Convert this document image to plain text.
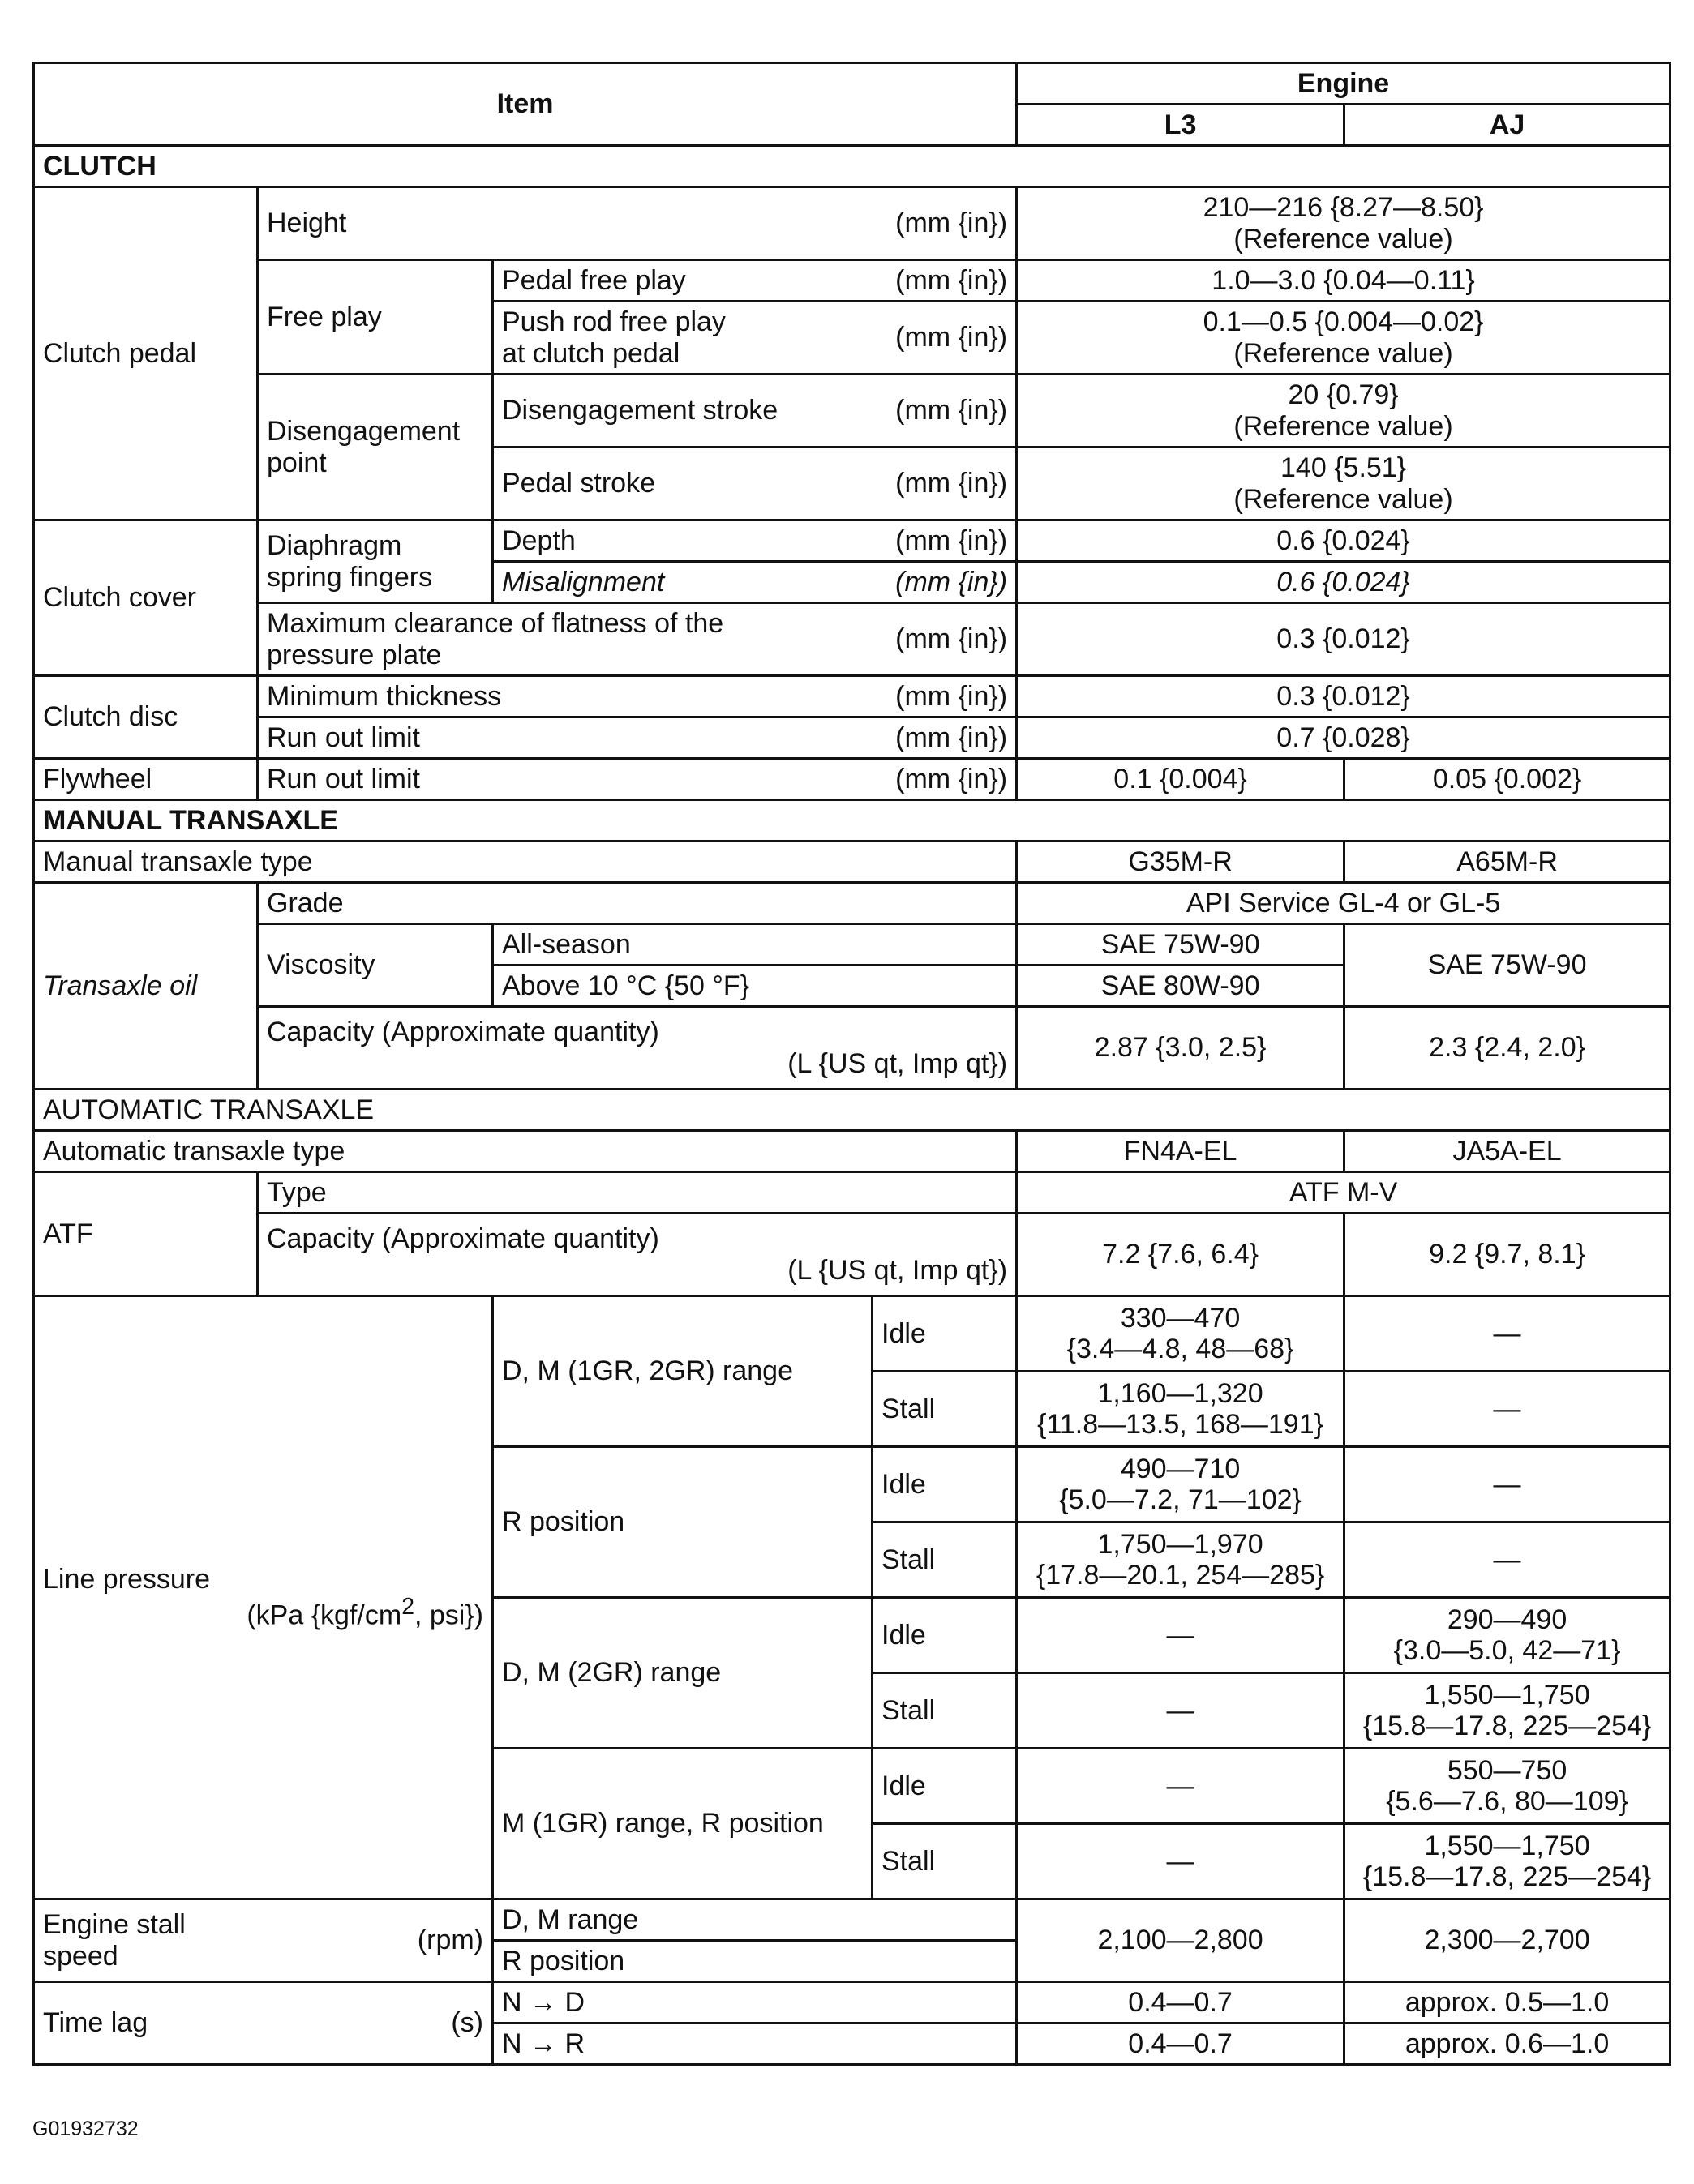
Item				Engine	
				L3	AJ
CLUTCH					
Clutch pedal	Height (mm {in})			210—216 {8.27—8.50}
(Reference value)	

	Free play	Pedal free play (mm {in})		1.0—3.0 {0.04—0.11}	

		Push rod free play
at clutch pedal
(mm {in})		0.1—0.5 {0.004—0.02}
(Reference value)	

	Disengagement
point	Disengagement stroke (mm {in})		20 {0.79}
(Reference value)	

		Pedal stroke (mm {in})		140 {5.51}
(Reference value)	

Clutch cover	Diaphragm
spring fingers	Depth (mm {in})		0.6 {0.024}	

		Misalignment (mm {in})		0.6 {0.024}	

	Maximum clearance of flatness of the
pressure plate
(mm {in})			0.3 {0.012}	
Clutch disc	Minimum thickness (mm {in})			0.3 {0.012}	

	Run out limit (mm {in})			0.7 {0.028}	
Flywheel	Run out limit (mm {in})			0.1 {0.004}	0.05 {0.002}
MANUAL TRANSAXLE					
Manual transaxle type				G35M-R	A65M-R
Transaxle oil	Grade			API Service GL-4 or GL-5	
	Viscosity	All-season		SAE 75W-90	SAE 75W-90
		Above 10 °C {50 °F}		SAE 80W-90	

	Capacity (Approximate quantity)
(L {US qt, Imp qt})			2.87 {3.0, 2.5}	2.3 {2.4, 2.0}
AUTOMATIC TRANSAXLE					
Automatic transaxle type				FN4A-EL	JA5A-EL
ATF	Type			ATF M-V	

	Capacity (Approximate quantity)
(L {US qt, Imp qt})			7.2 {7.6, 6.4}	9.2 {9.7, 8.1}

Line pressure
(kPa {$kgf/cm^2$, psi})		D, M (1GR, 2GR) range	Idle	330—470
{3.4—4.8, 48—68}	—
			Stall	1,160—1,320
{11.8—13.5, 168—191}	—
		R position	Idle	490—710
{5.0—7.2, 71—102}	—
			Stall	1,750—1,970
{17.8—20.1, 254—285}	—
		D, M (2GR) range	Idle	—	290—490
{3.0—5.0, 42—71}

			Stall	—	1,550—1,750
{15.8—17.8, 225—254}

		M (1GR) range, R position	Idle	—	550—750
{5.6—7.6, 80—109}

			Stall	—	1,550—1,750
{15.8—17.8, 225—254}

Engine stall
speed
(rpm)		D, M range		2,100—2,800	2,300—2,700
		R position			

Time lag (s)		N → D		0.4—0.7	approx. 0.5—1.0
		N → R		0.4—0.7	approx. 0.6—1.0
G01932732
